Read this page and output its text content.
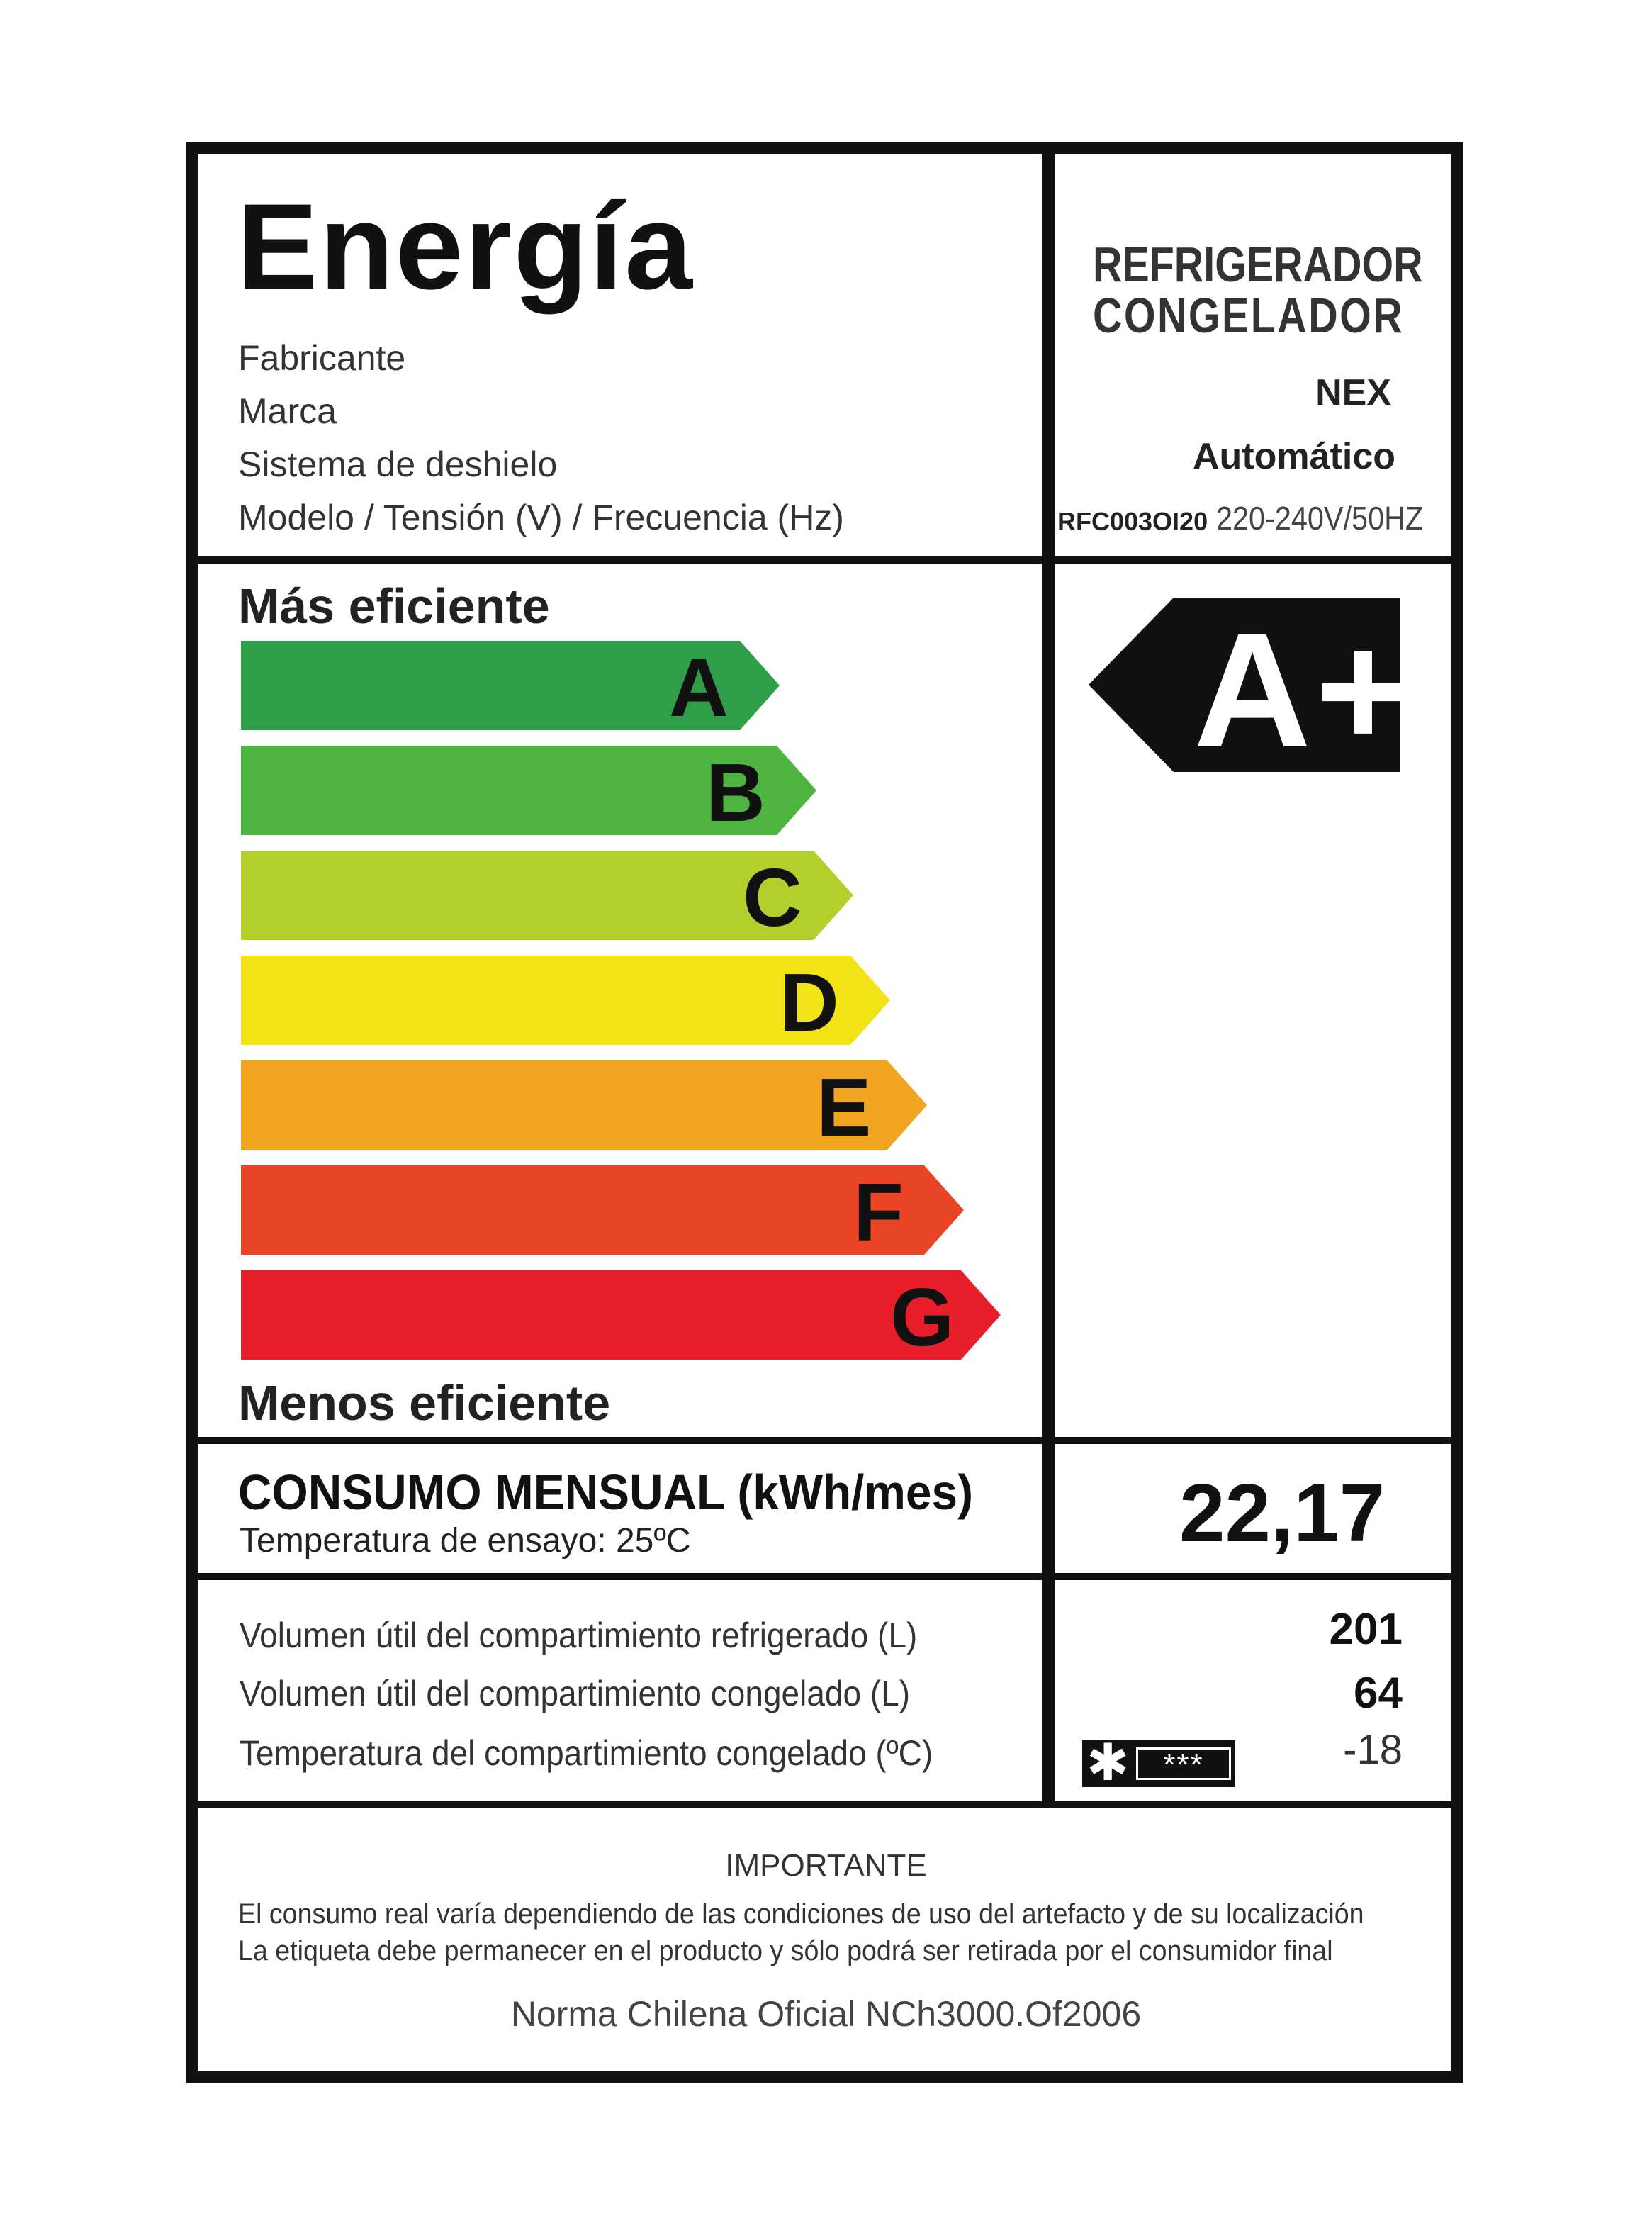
Energía
Fabricante
Marca
Sistema de deshielo
Modelo / Tensión (V) / Frecuencia (Hz)
REFRIGERADOR
CONGELADOR
NEX
Automático
RFC003OI20 220-240V/50HZ
Más eficiente
Menos eficiente
A
B
C
D
E
F
G
A+
CONSUMO MENSUAL (kWh/mes)
Temperatura de ensayo: 25ºC	22,17
Volumen útil del compartimiento refrigerado (L)
Volumen útil del compartimiento congelado (L)
Temperatura del compartimiento congelado (ºC)
201
64
-18
✱	***
IMPORTANTE
El consumo real varía dependiendo de las condiciones de uso del artefacto y de su localización
La etiqueta debe permanecer en el producto y sólo podrá ser retirada por el consumidor final
Norma Chilena Oficial NCh3000.Of2006
